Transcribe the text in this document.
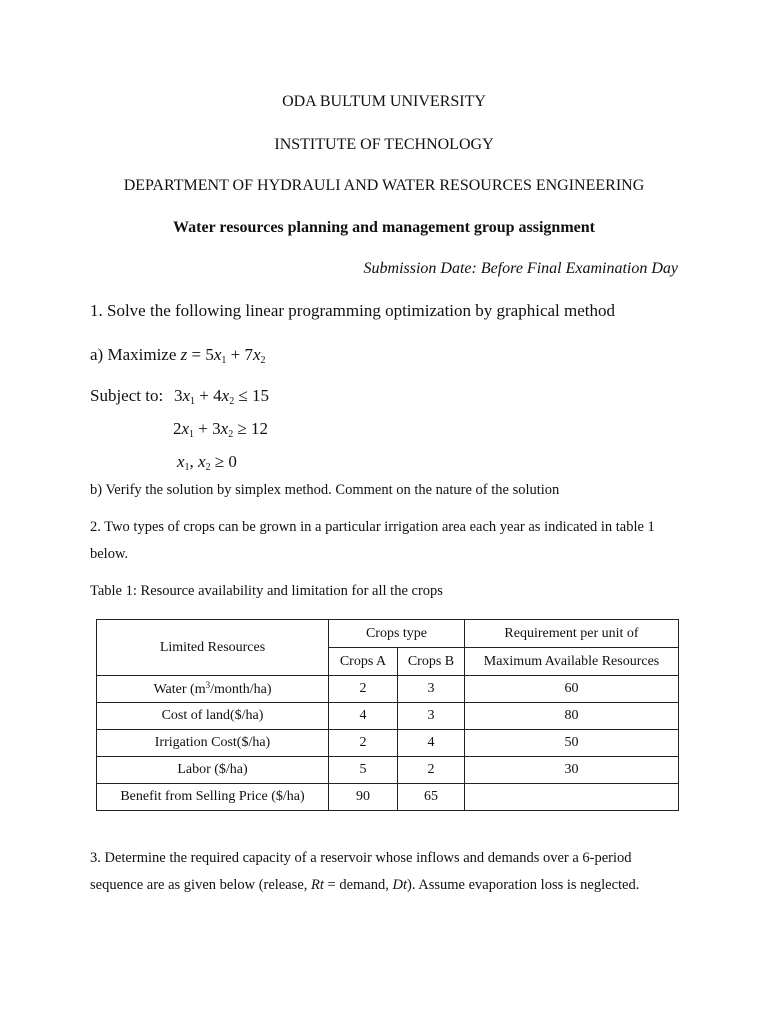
ODA BULTUM UNIVERSITY
INSTITUTE OF TECHNOLOGY
DEPARTMENT OF HYDRAULI AND WATER RESOURCES ENGINEERING
Water resources planning and management group assignment
Submission Date: Before Final Examination Day
1. Solve the following linear programming optimization by graphical method
a) Maximize $z = 5x_1 + 7x_2$
Subject to: $3x_1 + 4x_2 \le 15$
$2x_1 + 3x_2 \ge 12$
$x_1$, $x_2 \ge 0$
b) Verify the solution by simplex method. Comment on the nature of the solution
2. Two types of crops can be grown in a particular irrigation area each year as indicated in table 1
below.
Table 1: Resource availability and limitation for all the crops
Limited Resources	Crops type		Requirement per unit of
	Crops A	Crops B	Maximum Available Resources
Water $(m^3/month/ha)$	2	3	60
Cost of land($/ha)	4	3	80
Irrigation Cost($/ha)	2	4	50
Labor ($/ha)	5	2	30
Benefit from Selling Price ($/ha)	90	65	
3. Determine the required capacity of a reservoir whose inflows and demands over a 6-period
sequence are as given below (release, Rt = demand, Dt). Assume evaporation loss is neglected.
